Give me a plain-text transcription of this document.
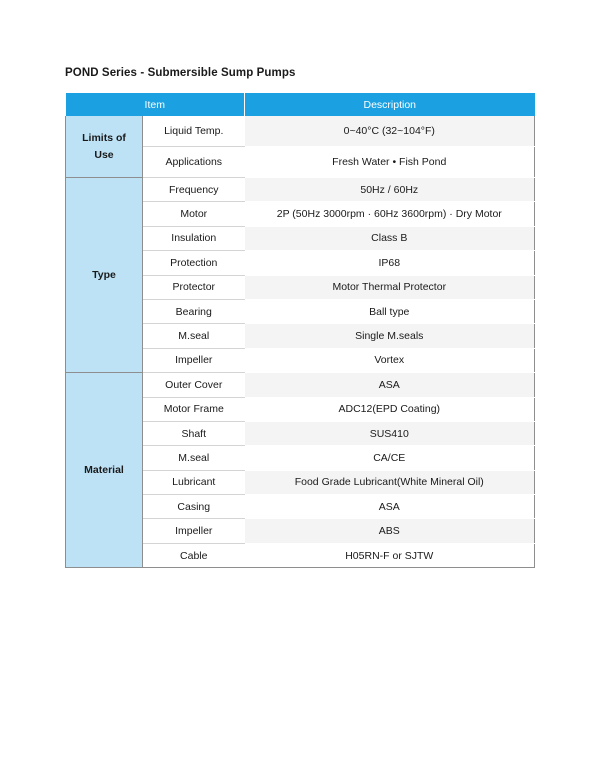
POND Series - Submersible Sump Pumps
Item		Description
Limits of Use	Liquid Temp.	0~40°C (32~104°F)
	Applications	Fresh Water • Fish Pond
Type	Frequency	50Hz / 60Hz
	Motor	2P (50Hz 3000rpm · 60Hz 3600rpm) · Dry Motor
	Insulation	Class B
	Protection	IP68
	Protector	Motor Thermal Protector
	Bearing	Ball type
	M.seal	Single M.seals
	Impeller	Vortex
Material	Outer Cover	ASA
	Motor Frame	ADC12(EPD Coating)
	Shaft	SUS410
	M.seal	CA/CE
	Lubricant	Food Grade Lubricant(White Mineral Oil)
	Casing	ASA
	Impeller	ABS
	Cable	H05RN-F or SJTW
